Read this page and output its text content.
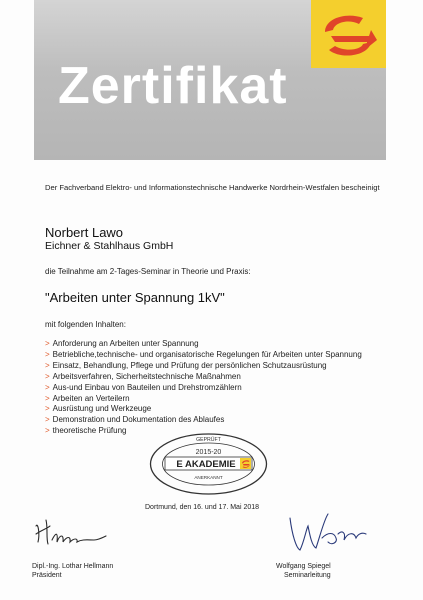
Zertifikat
Der Fachverband Elektro- und Informationstechnische Handwerke Nordrhein-Westfalen bescheinigt
Norbert Lawo
Eichner & Stahlhaus GmbH
die Teilnahme am 2-Tages-Seminar in Theorie und Praxis:
"Arbeiten unter Spannung 1kV"
mit folgenden Inhalten:
> Anforderung an Arbeiten unter Spannung
> Betriebliche,technische- und organisatorische Regelungen für Arbeiten unter Spannung
> Einsatz, Behandlung, Pflege und Prüfung der persönlichen Schutzausrüstung
> Arbeitsverfahren, Sicherheitstechnische Maßnahmen
> Aus-und Einbau von Bauteilen und Drehstromzählern
> Arbeiten an Verteilern
> Ausrüstung und Werkzeuge
> Demonstration und Dokumentation des Ablaufes
> theoretische Prüfung
GEPRÜFT
2015-20
E AKADEMIE
ANERKANNT
Dortmund, den 16. und 17. Mai 2018
Dipl.-Ing. Lothar Hellmann
Präsident
Wolfgang Spiegel
Seminarleitung
